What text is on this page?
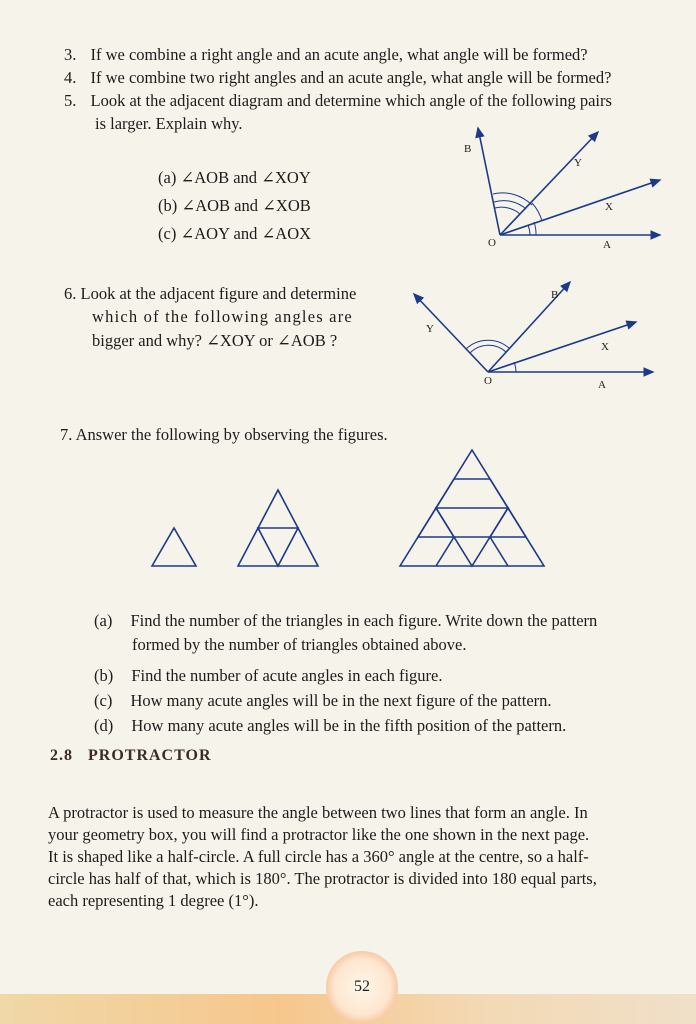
3. If we combine a right angle and an acute angle, what angle will be formed?
4. If we combine two right angles and an acute angle, what angle will be formed?
5. Look at the adjacent diagram and determine which angle of the following pairs
is larger. Explain why.
(a) ∠AOB and ∠XOY
(b) ∠AOB and ∠XOB
(c) ∠AOY and ∠AOX
B
Y
X
O	A
6. Look at the adjacent figure and determine
which of the following angles are
bigger and why? ∠XOY or ∠AOB ?
B
Y
X
O	A
7. Answer the following by observing the figures.
(a) Find the number of the triangles in each figure. Write down the pattern
formed by the number of triangles obtained above.
(b) Find the number of acute angles in each figure.
(c) How many acute angles will be in the next figure of the pattern.
(d) How many acute angles will be in the fifth position of the pattern.
2.8 PROTRACTOR
A protractor is used to measure the angle between two lines that form an angle. In
your geometry box, you will find a protractor like the one shown in the next page.
It is shaped like a half-circle. A full circle has a 360° angle at the centre, so a half-
circle has half of that, which is 180°. The protractor is divided into 180 equal parts,
each representing 1 degree (1°).
52
